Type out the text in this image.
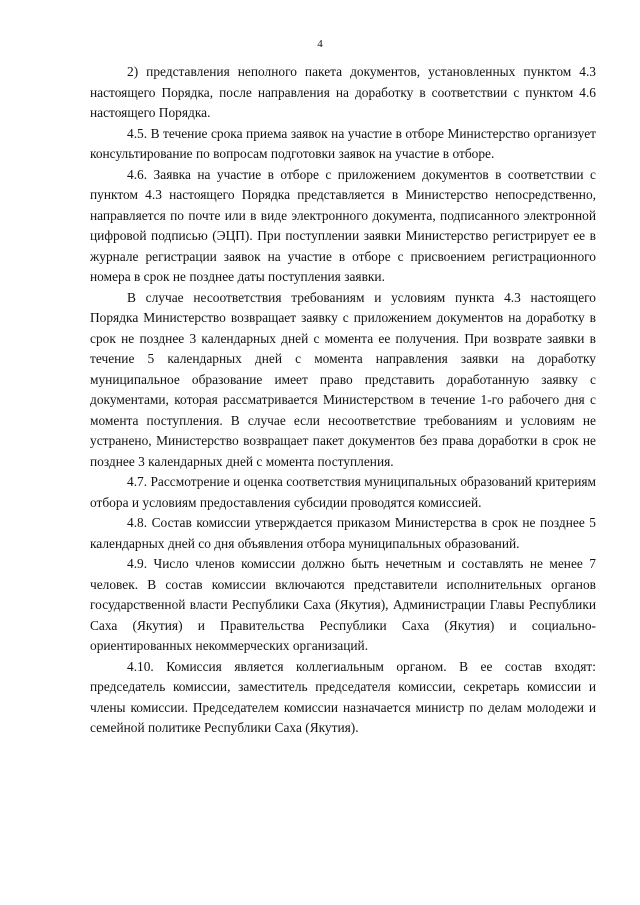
4

2) представления неполного пакета документов, установленных пунктом 4.3 настоящего Порядка, после направления на доработку в соответствии с пунктом 4.6 настоящего Порядка.

4.5. В течение срока приема заявок на участие в отборе Министерство организует консультирование по вопросам подготовки заявок на участие в отборе.

4.6. Заявка на участие в отборе с приложением документов в соответствии с пунктом 4.3 настоящего Порядка представляется в Министерство непосредственно, направляется по почте или в виде электронного документа, подписанного электронной цифровой подписью (ЭЦП). При поступлении заявки Министерство регистрирует ее в журнале регистрации заявок на участие в отборе с присвоением регистрационного номера в срок не позднее даты поступления заявки.

В случае несоответствия требованиям и условиям пункта 4.3 настоящего Порядка Министерство возвращает заявку с приложением документов на доработку в срок не позднее 3 календарных дней с момента ее получения. При возврате заявки в течение 5 календарных дней с момента направления заявки на доработку муниципальное образование имеет право представить доработанную заявку с документами, которая рассматривается Министерством в течение 1-го рабочего дня с момента поступления. В случае если несоответствие требованиям и условиям не устранено, Министерство возвращает пакет документов без права доработки в срок не позднее 3 календарных дней с момента поступления.

4.7. Рассмотрение и оценка соответствия муниципальных образований критериям отбора и условиям предоставления субсидии проводятся комиссией.

4.8. Состав комиссии утверждается приказом Министерства в срок не позднее 5 календарных дней со дня объявления отбора муниципальных образований.

4.9. Число членов комиссии должно быть нечетным и составлять не менее 7 человек. В состав комиссии включаются представители исполнительных органов государственной власти Республики Саха (Якутия), Администрации Главы Республики Саха (Якутия) и Правительства Республики Саха (Якутия) и социально-ориентированных некоммерческих организаций.

4.10. Комиссия является коллегиальным органом. В ее состав входят: председатель комиссии, заместитель председателя комиссии, секретарь комиссии и члены комиссии. Председателем комиссии назначается министр по делам молодежи и семейной политике Республики Саха (Якутия).
